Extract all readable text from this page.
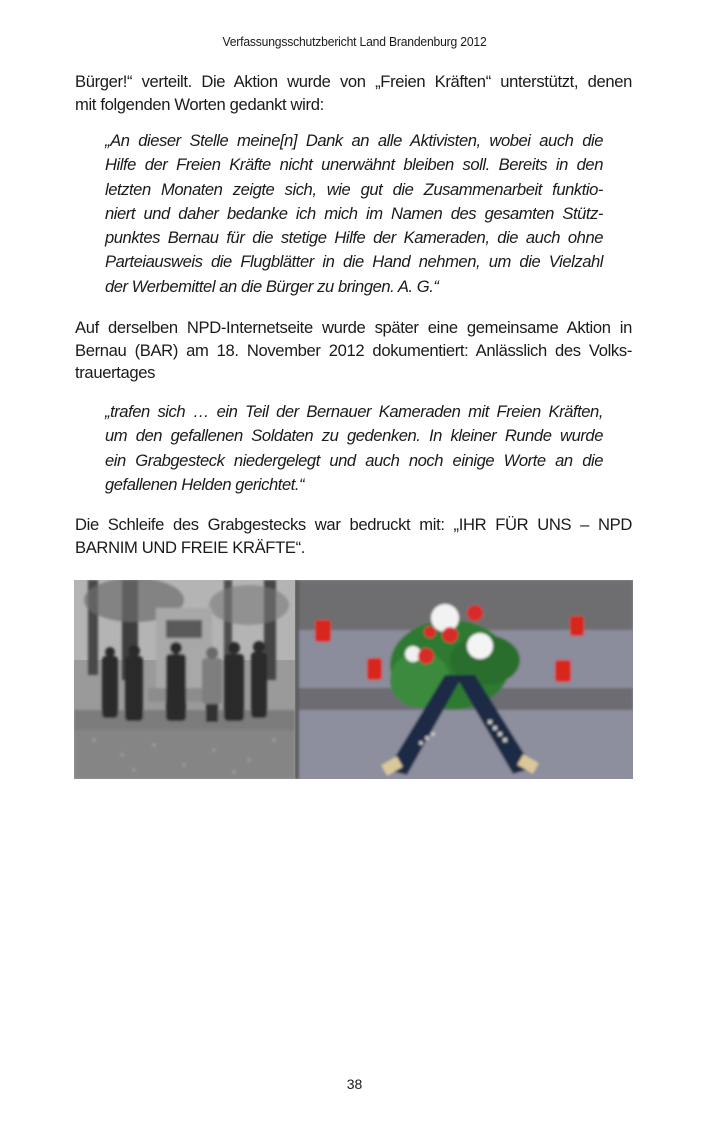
Verfassungsschutzbericht Land Brandenburg 2012

Bürger!“ verteilt. Die Aktion wurde von „Freien Kräften“ unterstützt, denen
mit folgenden Worten gedankt wird:

„An dieser Stelle meine[n] Dank an alle Aktivisten, wobei auch die
Hilfe der Freien Kräfte nicht unerwähnt bleiben soll. Bereits in den
letzten Monaten zeigte sich, wie gut die Zusammenarbeit funktio-
niert und daher bedanke ich mich im Namen des gesamten Stütz-
punktes Bernau für die stetige Hilfe der Kameraden, die auch ohne
Parteiausweis die Flugblätter in die Hand nehmen, um die Vielzahl
der Werbemittel an die Bürger zu bringen. A. G.“

Auf derselben NPD-Internetseite wurde später eine gemeinsame Aktion in
Bernau (BAR) am 18. November 2012 dokumentiert: Anlässlich des Volks-
trauertages

„trafen sich … ein Teil der Bernauer Kameraden mit Freien Kräften,
um den gefallenen Soldaten zu gedenken. In kleiner Runde wurde
ein Grabgesteck niedergelegt und auch noch einige Worte an die
gefallenen Helden gerichtet.“

Die Schleife des Grabgestecks war bedruckt mit: „IHR FÜR UNS – NPD
BARNIM UND FREIE KRÄFTE“.

38
